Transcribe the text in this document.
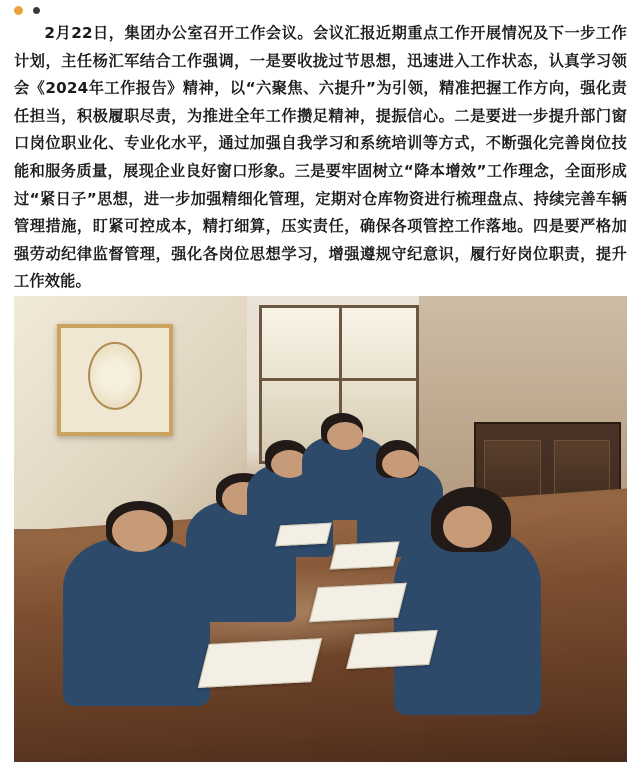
2月22日，集团办公室召开工作会议。会议汇报近期重点工作开展情况及下一步工作计划，主任杨汇军结合工作强调，一是要收拢过节思想，迅速进入工作状态，认真学习领会《2024年工作报告》精神，以“六聚焦、六提升”为引领，精准把握工作方向，强化责任担当，积极履职尽责，为推进全年工作攒足精神，提振信心。二是要进一步提升部门窗口岗位职业化、专业化水平，通过加强自我学习和系统培训等方式，不断强化完善岗位技能和服务质量，展现企业良好窗口形象。三是要牢固树立“降本增效”工作理念，全面形成过“紧日子”思想，进一步加强精细化管理，定期对仓库物资进行梳理盘点、持续完善车辆管理措施，盯紧可控成本，精打细算，压实责任，确保各项管控工作落地。四是要严格加强劳动纪律监督管理，强化各岗位思想学习，增强遵规守纪意识，履行好岗位职责，提升工作效能。
